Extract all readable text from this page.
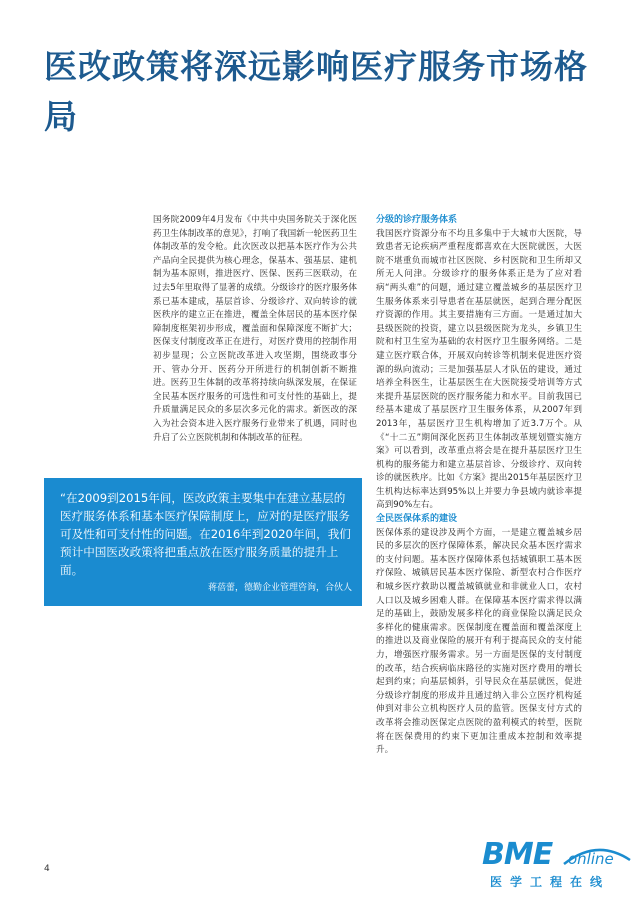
医改政策将深远影响医疗服务市场格局
国务院2009年4月发布《中共中央国务院关于深化医药卫生体制改革的意见》，打响了我国新一轮医药卫生体制改革的发令枪。此次医改以把基本医疗作为公共产品向全民提供为核心理念，保基本、强基层、建机制为基本原则，推进医疗、医保、医药三医联动，在过去5年里取得了显著的成绩。分级诊疗的医疗服务体系已基本建成，基层首诊、分级诊疗、双向转诊的就医秩序的建立正在推进，覆盖全体居民的基本医疗保障制度框架初步形成，覆盖面和保障深度不断扩大；医保支付制度改革正在进行，对医疗费用的控制作用初步显现；公立医院改革进入攻坚期，围绕政事分开、管办分开、医药分开所进行的机制创新不断推进。医药卫生体制的改革将持续向纵深发展，在保证全民基本医疗服务的可选性和可支付性的基础上，提升质量满足民众的多层次多元化的需求。新医改的深入为社会资本进入医疗服务行业带来了机遇，同时也升启了公立医院机制和体制改革的征程。

“在2009到2015年间，医改政策主要集中在建立基层的医疗服务体系和基本医疗保障制度上，应对的是医疗服务可及性和可支付性的问题。在2016年到2020年间，我们预计中国医改政策将把重点放在医疗服务质量的提升上面。

蒋蓓蕾，德勤企业管理咨询，合伙人
分级的诊疗服务体系
我国医疗资源分布不均且多集中于大城市大医院，导致患者无论疾病严重程度都喜欢在大医院就医，大医院不堪重负而城市社区医院、乡村医院和卫生所却又所无人问津。分级诊疗的服务体系正是为了应对看病“两头难”的问题，通过建立覆盖城乡的基层医疗卫生服务体系来引导患者在基层就医，起到合理分配医疗资源的作用。其主要措施有三方面。一是通过加大县级医院的投资，建立以县级医院为龙头，乡镇卫生院和村卫生室为基础的农村医疗卫生服务网络。二是建立医疗联合体，开展双向转诊等机制来促进医疗资源的纵向流动；三是加强基层人才队伍的建设，通过培养全科医生，让基层医生在大医院接受培训等方式来提升基层医院的医疗服务能力和水平。目前我国已经基本建成了基层医疗卫生服务体系，从2007年到2013年，基层医疗卫生机构增加了近3.7万个。从《“十二五”期间深化医药卫生体制改革规划暨实施方案》可以看到，改革重点将会是在提升基层医疗卫生机构的服务能力和建立基层首诊、分级诊疗、双向转诊的就医秩序。比如《方案》提出2015年基层医疗卫生机构达标率达到95%以上并要力争县域内就诊率提高到90%左右。
全民医保体系的建设
医保体系的建设涉及两个方面，一是建立覆盖城乡居民的多层次的医疗保障体系，解决民众基本医疗需求的支付问题。基本医疗保障体系包括城镇职工基本医疗保险、城镇居民基本医疗保险、新型农村合作医疗和城乡医疗救助以覆盖城镇就业和非就业人口，农村人口以及城乡困难人群。在保障基本医疗需求得以满足的基础上，鼓励发展多样化的商业保险以满足民众多样化的健康需求。医保制度在覆盖面和覆盖深度上的推进以及商业保险的展开有利于提高民众的支付能力，增强医疗服务需求。另一方面是医保的支付制度的改革，结合疾病临床路径的实施对医疗费用的增长起到约束；向基层倾斜，引导民众在基层就医，促进分级诊疗制度的形成并且通过纳入非公立医疗机构延伸到对非公立机构医疗人员的监管。医保支付方式的改革将会推动医保定点医院的盈利模式的转型，医院将在医保费用的约束下更加注重成本控制和效率提升。
4	BME online
医学工程在线
